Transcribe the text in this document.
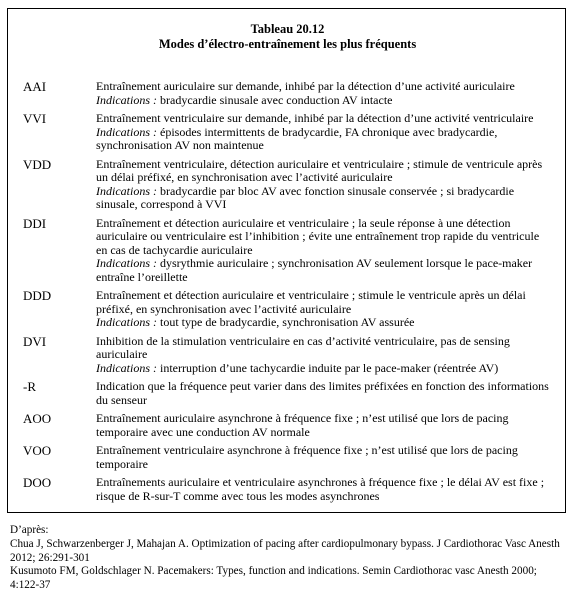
Tableau 20.12
Modes d’électro-entraînement les plus fréquents
AAI	Entraînement auriculaire sur demande, inhibé par la détection d’une activité auriculaire
Indications : bradycardie sinusale avec conduction AV intacte
VVI	Entraînement ventriculaire sur demande, inhibé par la détection d’une activité ventriculaire
Indications : épisodes intermittents de bradycardie, FA chronique avec bradycardie, synchronisation AV non maintenue
VDD	Entraînement ventriculaire, détection auriculaire et ventriculaire ; stimule de ventricule après un délai préfixé, en synchronisation avec l’activité auriculaire
Indications : bradycardie par bloc AV avec fonction sinusale conservée ; si bradycardie sinusale, correspond à VVI
DDI	Entraînement et détection auriculaire et ventriculaire ; la seule réponse à une détection auriculaire ou ventriculaire est l’inhibition ; évite une entraînement trop rapide du ventricule en cas de tachycardie auriculaire
Indications : dysrythmie auriculaire ; synchronisation AV seulement lorsque le pace-maker entraîne l’oreillette
DDD	Entraînement et détection auriculaire et ventriculaire ; stimule le ventricule après un délai préfixé, en synchronisation avec l’activité auriculaire
Indications : tout type de bradycardie, synchronisation AV assurée
DVI	Inhibition de la stimulation ventriculaire en cas d’activité ventriculaire, pas de sensing auriculaire
Indications : interruption d’une tachycardie induite par le pace-maker (réentrée AV)
-R	Indication que la fréquence peut varier dans des limites préfixées en fonction des informations du senseur
AOO	Entraînement auriculaire asynchrone à fréquence fixe ; n’est utilisé que lors de pacing temporaire avec une conduction AV normale
VOO	Entraînement ventriculaire asynchrone à fréquence fixe ; n’est utilisé que lors de pacing temporaire
DOO	Entraînements auriculaire et ventriculaire asynchrones à fréquence fixe ; le délai AV est fixe ; risque de R-sur-T comme avec tous les modes asynchrones
D’après:
Chua J, Schwarzenberger J, Mahajan A. Optimization of pacing after cardiopulmonary bypass. J Cardiothorac Vasc Anesth 2012; 26:291-301
Kusumoto FM, Goldschlager N. Pacemakers: Types, function and indications. Semin Cardiothorac vasc Anesth 2000; 4:122-37
